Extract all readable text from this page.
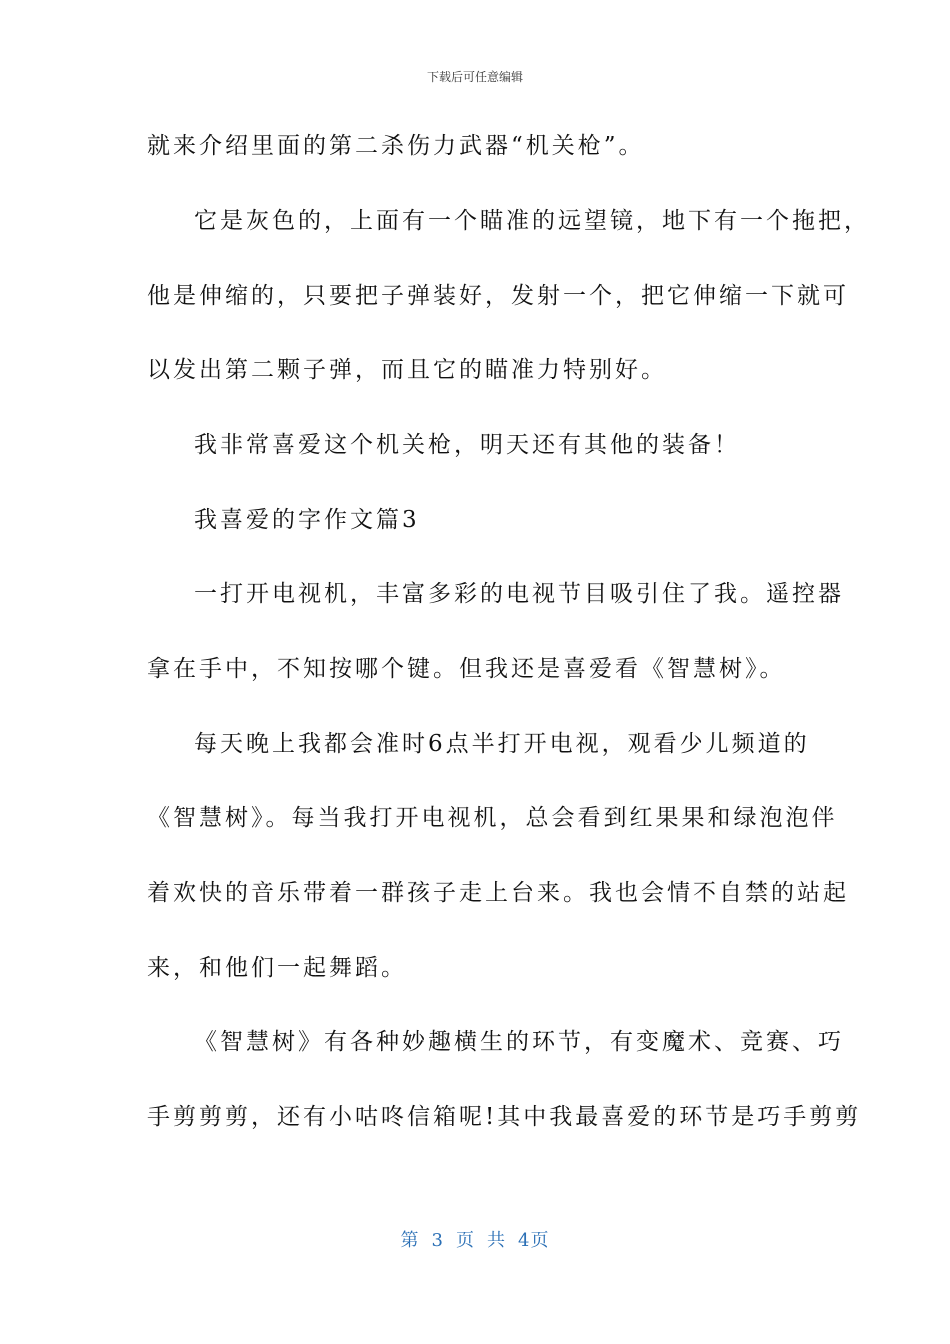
下载后可任意编辑
就来介绍里面的第二杀伤力武器“机关枪”。
它是灰色的，上面有一个瞄准的远望镜，地下有一个拖把，
他是伸缩的，只要把子弹装好，发射一个，把它伸缩一下就可
以发出第二颗子弹，而且它的瞄准力特别好。
我非常喜爱这个机关枪，明天还有其他的装备！
我喜爱的字作文篇3
一打开电视机，丰富多彩的电视节目吸引住了我。遥控器
拿在手中，不知按哪个键。但我还是喜爱看《智慧树》。
每天晚上我都会准时6点半打开电视，观看少儿频道的
《智慧树》。每当我打开电视机，总会看到红果果和绿泡泡伴
着欢快的音乐带着一群孩子走上台来。我也会情不自禁的站起
来，和他们一起舞蹈。
《智慧树》有各种妙趣横生的环节，有变魔术、竞赛、巧
手剪剪剪，还有小咕咚信箱呢!其中我最喜爱的环节是巧手剪剪
第 3 页 共 4页
